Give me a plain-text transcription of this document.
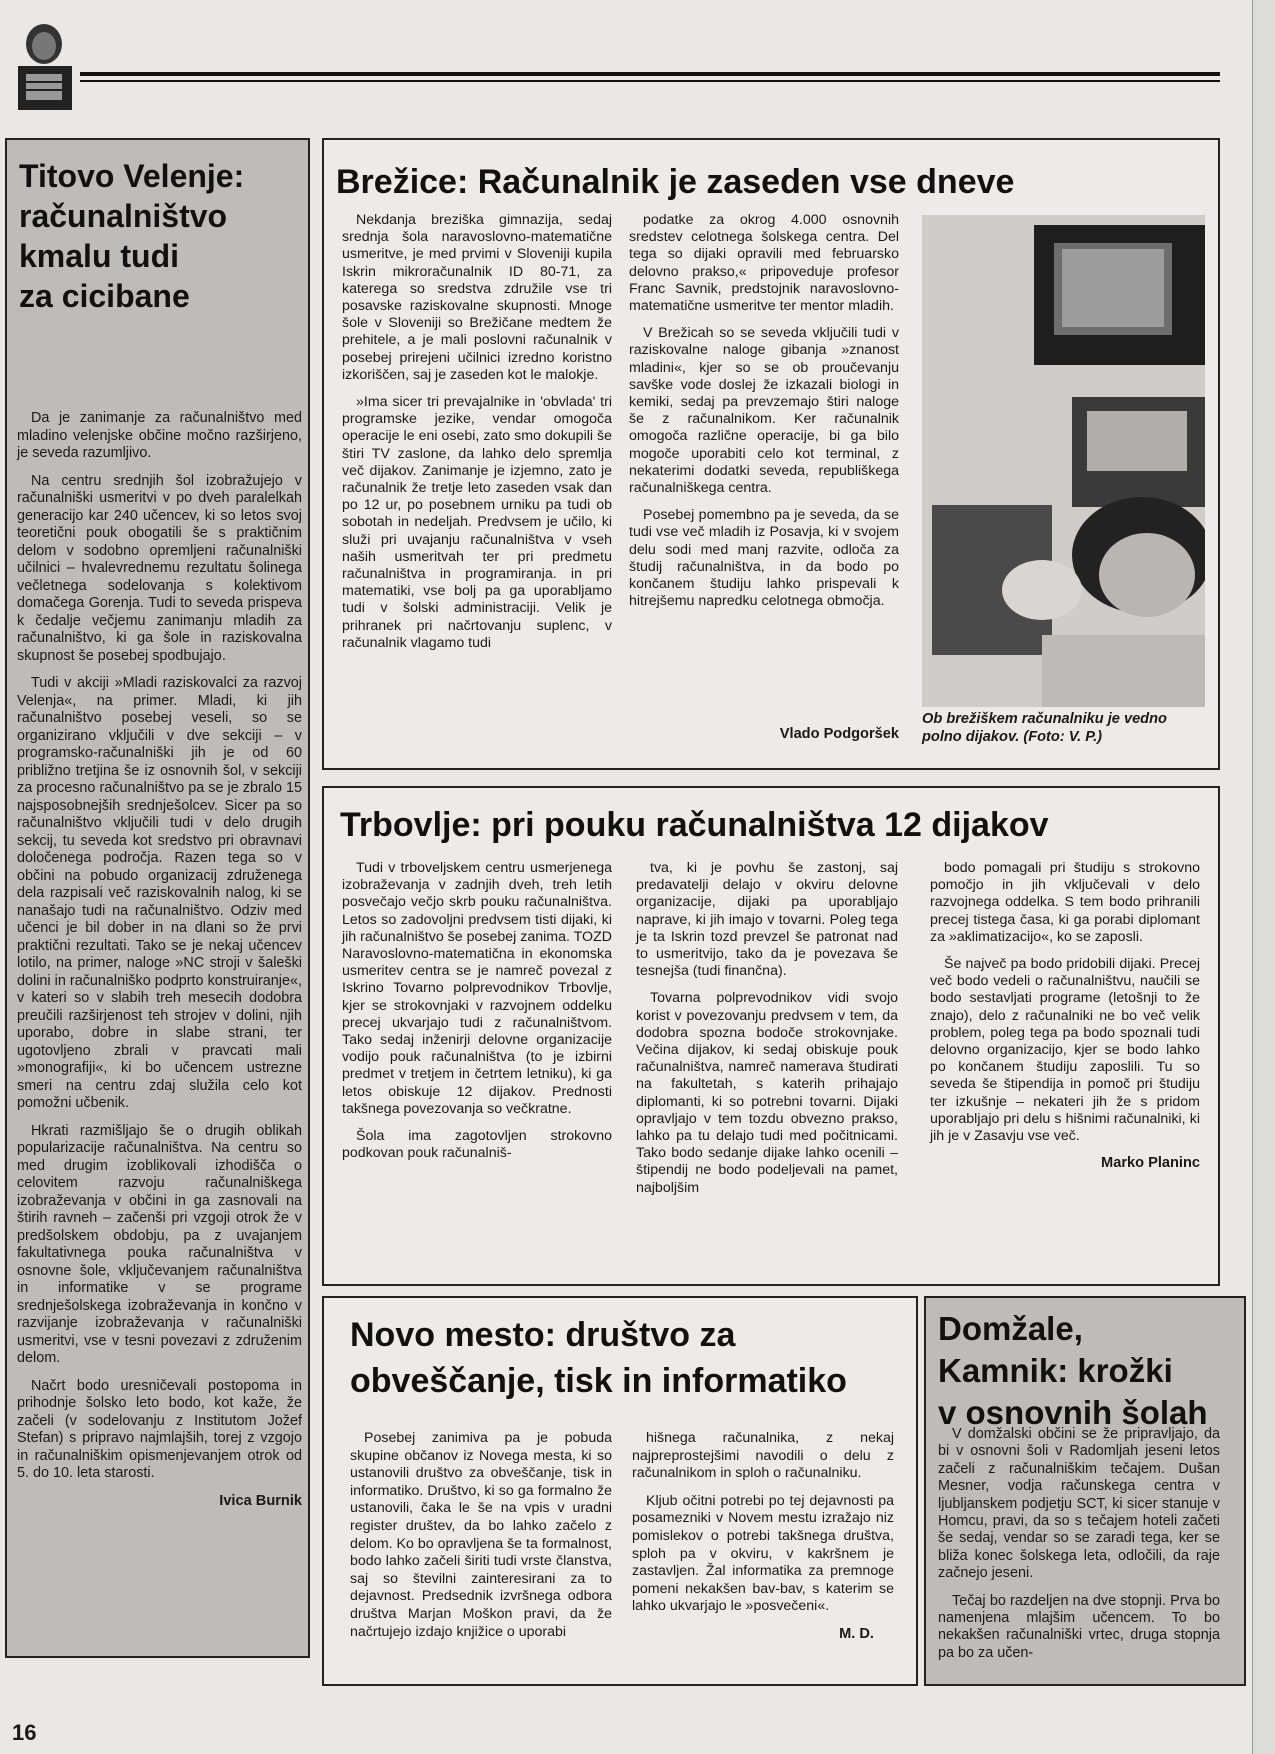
Titovo Velenje:
računalništvo
kmalu tudi
za cicibane

Da je zanimanje za računalništvo med mladino velenjske občine močno razširjeno, je seveda razumljivo.

Na centru srednjih šol izobražujejo v računalniški usmeritvi v po dveh paralelkah generacijo kar 240 učencev, ki so letos svoj teoretični pouk obogatili še s praktičnim delom v sodobno opremljeni računalniški učilnici – hvalevrednemu rezultatu šolinega večletnega sodelovanja s kolektivom domačega Gorenja. Tudi to seveda prispeva k čedalje večjemu zanimanju mladih za računalništvo, ki ga šole in raziskovalna skupnost še posebej spodbujajo.

Tudi v akciji »Mladi raziskovalci za razvoj Velenja«, na primer. Mladi, ki jih računalništvo posebej veseli, so se organizirano vključili v dve sekciji – v programsko-računalniški jih je od 60 približno tretjina še iz osnovnih šol, v sekciji za procesno računalništvo pa se je zbralo 15 najsposobnejših srednješolcev. Sicer pa so računalništvo vključili tudi v delo drugih sekcij, tu seveda kot sredstvo pri obravnavi določenega področja. Razen tega so v občini na pobudo organizacij združenega dela razpisali več raziskovalnih nalog, ki se nanašajo tudi na računalništvo. Odziv med učenci je bil dober in na dlani so že prvi praktični rezultati. Tako se je nekaj učencev lotilo, na primer, naloge »NC stroji v šaleški dolini in računalniško podprto konstruiranje«, v kateri so v slabih treh mesecih dodobra preučili razširjenost teh strojev v dolini, njih uporabo, dobre in slabe strani, ter ugotovljeno zbrali v pravcati mali »monografiji«, ki bo učencem ustrezne smeri na centru zdaj služila celo kot pomožni učbenik.

Hkrati razmišljajo še o drugih oblikah popularizacije računalništva. Na centru so med drugim izoblikovali izhodišča o celovitem razvoju računalniškega izobraževanja v občini in ga zasnovali na štirih ravneh – začenši pri vzgoji otrok že v predšolskem obdobju, pa z uvajanjem fakultativnega pouka računalništva v osnovne šole, vključevanjem računalništva in informatike v se programe srednješolskega izobraževanja in končno v razvijanje izobraževanja v računalniški usmeritvi, vse v tesni povezavi z združenim delom.

Načrt bodo uresničevali postopoma in prihodnje šolsko leto bodo, kot kaže, že začeli (v sodelovanju z Institutom Jožef Stefan) s pripravo najmlajših, torej z vzgojo in računalniškim opismenjevanjem otrok od 5. do 10. leta starosti.

Ivica Burnik
Brežice: Računalnik je zaseden vse dneve

Nekdanja breziška gimnazija, sedaj srednja šola naravoslovno-matematične usmeritve, je med prvimi v Sloveniji kupila Iskrin mikroračunalnik ID 80-71, za katerega so sredstva združile vse tri posavske raziskovalne skupnosti. Mnoge šole v Sloveniji so Brežičane medtem že prehitele, a je mali poslovni računalnik v posebej prirejeni učilnici izredno koristno izkoriščen, saj je zaseden kot le malokje.

»Ima sicer tri prevajalnike in 'obvlada' tri programske jezike, vendar omogoča operacije le eni osebi, zato smo dokupili še štiri TV zaslone, da lahko delo spremlja več dijakov. Zanimanje je izjemno, zato je računalnik že tretje leto zaseden vsak dan po 12 ur, po posebnem urniku pa tudi ob sobotah in nedeljah. Predvsem je učilo, ki služi pri uvajanju računalništva v vseh naših usmeritvah ter pri predmetu računalništva in programiranja. in pri matematiki, vse bolj pa ga uporabljamo tudi v šolski administraciji. Velik je prihranek pri načrtovanju suplenc, v računalnik vlagamo tudi

podatke za okrog 4.000 osnovnih sredstev celotnega šolskega centra. Del tega so dijaki opravili med februarsko delovno prakso,« pripoveduje profesor Franc Savnik, predstojnik naravoslovno-matematične usmeritve ter mentor mladih.

V Brežicah so se seveda vključili tudi v raziskovalne naloge gibanja »znanost mladini«, kjer so se ob proučevanju savške vode doslej že izkazali biologi in kemiki, sedaj pa prevzemajo štiri naloge še z računalnikom. Ker računalnik omogoča različne operacije, bi ga bilo mogoče uporabiti celo kot terminal, z nekaterimi dodatki seveda, republiškega računalniškega centra.

Posebej pomembno pa je seveda, da se tudi vse več mladih iz Posavja, ki v svojem delu sodi med manj razvite, odloča za študij računalništva, in da bodo po končanem študiju lahko prispevali k hitrejšemu napredku celotnega območja.

Vlado Podgoršek
Ob brežiškem računalniku je vedno polno dijakov. (Foto: V. P.)
Trbovlje: pri pouku računalništva 12 dijakov

Tudi v trboveljskem centru usmerjenega izobraževanja v zadnjih dveh, treh letih posvečajo večjo skrb pouku računalništva. Letos so zadovoljni predvsem tisti dijaki, ki jih računalništvo še posebej zanima. TOZD Naravoslovno-matematična in ekonomska usmeritev centra se je namreč povezal z Iskrino Tovarno polprevodnikov Trbovlje, kjer se strokovnjaki v razvojnem oddelku precej ukvarjajo tudi z računalništvom. Tako sedaj inženirji delovne organizacije vodijo pouk računalništva (to je izbirni predmet v tretjem in četrtem letniku), ki ga letos obiskuje 12 dijakov. Prednosti takšnega povezovanja so večkratne.

Šola ima zagotovljen strokovno podkovan pouk računalniš-

tva, ki je povhu še zastonj, saj predavatelji delajo v okviru delovne organizacije, dijaki pa uporabljajo naprave, ki jih imajo v tovarni. Poleg tega je ta Iskrin tozd prevzel še patronat nad to usmeritvijo, tako da je povezava še tesnejša (tudi finančna).

Tovarna polprevodnikov vidi svojo korist v povezovanju predvsem v tem, da dodobra spozna bodoče strokovnjake. Večina dijakov, ki sedaj obiskuje pouk računalništva, namreč namerava študirati na fakultetah, s katerih prihajajo diplomanti, ki so potrebni tovarni. Dijaki opravljajo v tem tozdu obvezno prakso, lahko pa tu delajo tudi med počitnicami. Tako bodo sedanje dijake lahko ocenili – štipendij ne bodo podeljevali na pamet, najboljšim

bodo pomagali pri študiju s strokovno pomočjo in jih vključevali v delo razvojnega oddelka. S tem bodo prihranili precej tistega časa, ki ga porabi diplomant za »aklimatizacijo«, ko se zaposli.

Še največ pa bodo pridobili dijaki. Precej več bodo vedeli o računalništvu, naučili se bodo sestavljati programe (letošnji to že znajo), delo z računalniki ne bo več velik problem, poleg tega pa bodo spoznali tudi delovno organizacijo, kjer se bodo lahko po končanem študiju zaposlili. Tu so seveda še štipendija in pomoč pri študiju ter izkušnje – nekateri jih že s pridom uporabljajo pri delu s hišnimi računalniki, ki jih je v Zasavju vse več.

Marko Planinc
Novo mesto: društvo za
obveščanje, tisk in informatiko

Posebej zanimiva pa je pobuda skupine občanov iz Novega mesta, ki so ustanovili društvo za obveščanje, tisk in informatiko. Društvo, ki so ga formalno že ustanovili, čaka le še na vpis v uradni register društev, da bo lahko začelo z delom. Ko bo opravljena še ta formalnost, bodo lahko začeli širiti tudi vrste članstva, saj so številni zainteresirani za to dejavnost. Predsednik izvršnega odbora društva Marjan Moškon pravi, da že načrtujejo izdajo knjižice o uporabi

hišnega računalnika, z nekaj najpreprostejšimi navodili o delu z računalnikom in sploh o računalniku.

Kljub očitni potrebi po tej dejavnosti pa posamezniki v Novem mestu izražajo niz pomislekov o potrebi takšnega društva, sploh pa v okviru, v kakršnem je zastavljen. Žal informatika za premnoge pomeni nekakšen bav-bav, s katerim se lahko ukvarjajo le »posvečeni«.

M. D.
Domžale,
Kamnik: krožki
v osnovnih šolah

V domžalski občini se že pripravljajo, da bi v osnovni šoli v Radomljah jeseni letos začeli z računalniškim tečajem. Dušan Mesner, vodja računskega centra v ljubljanskem podjetju SCT, ki sicer stanuje v Homcu, pravi, da so s tečajem hoteli začeti še sedaj, vendar so se zaradi tega, ker se bliža konec šolskega leta, odločili, da raje začnejo jeseni.

Tečaj bo razdeljen na dve stopnji. Prva bo namenjena mlajšim učencem. To bo nekakšen računalniški vrtec, druga stopnja pa bo za učen-

16
